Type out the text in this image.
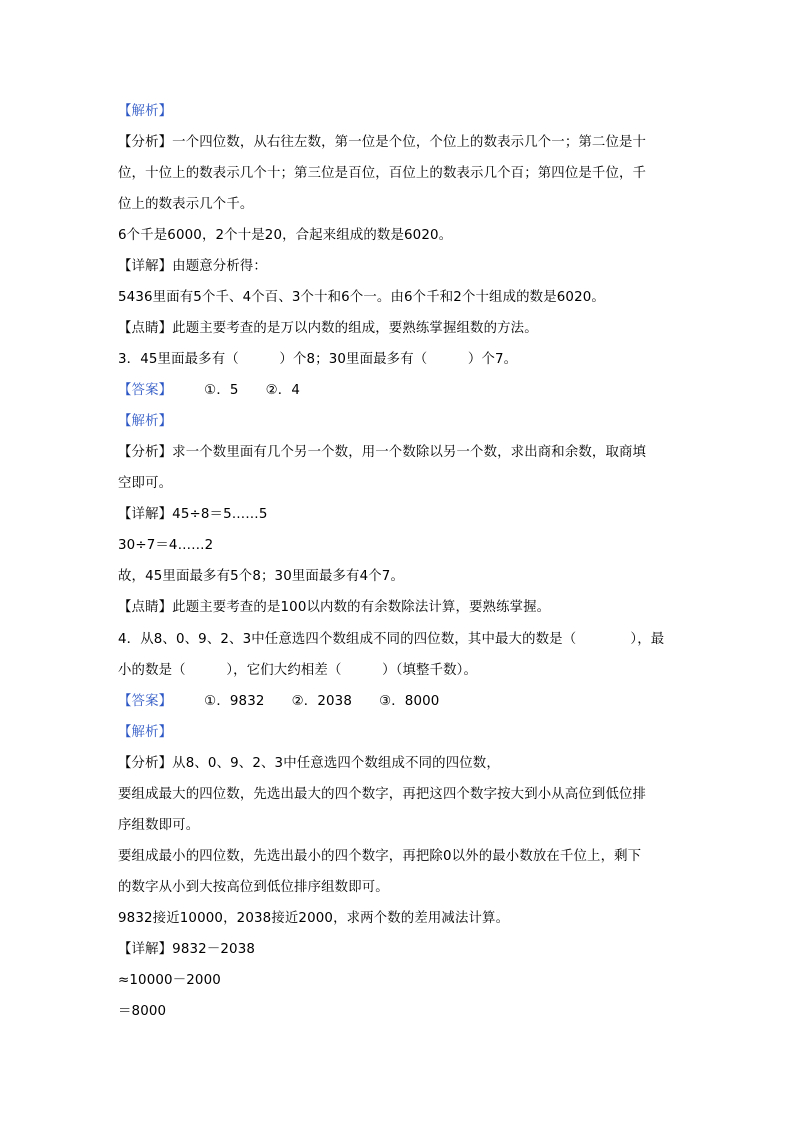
【解析】
【分析】一个四位数，从右往左数，第一位是个位，个位上的数表示几个一；第二位是十
位，十位上的数表示几个十；第三位是百位，百位上的数表示几个百；第四位是千位，千
位上的数表示几个千。
6个千是6000，2个十是20，合起来组成的数是6020。
【详解】由题意分析得：
5436里面有5个千、4个百、3个十和6个一。由6个千和2个十组成的数是6020。
【点睛】此题主要考查的是万以内数的组成，要熟练掌握组数的方法。
3．45里面最多有（　　　）个8；30里面最多有（　　　）个7。
【答案】 ①．5　　②．4
【解析】
【分析】求一个数里面有几个另一个数，用一个数除以另一个数，求出商和余数，取商填
空即可。
【详解】45÷8＝5……5
30÷7＝4……2
故，45里面最多有5个8；30里面最多有4个7。
【点睛】此题主要考查的是100以内数的有余数除法计算，要熟练掌握。
4．从8、0、9、2、3中任意选四个数组成不同的四位数，其中最大的数是（　　　　），最
小的数是（　　　），它们大约相差（　　　）（填整千数）。
【答案】 ①．9832　　②．2038　　③．8000
【解析】
【分析】从8、0、9、2、3中任意选四个数组成不同的四位数，
要组成最大的四位数，先选出最大的四个数字，再把这四个数字按大到小从高位到低位排
序组数即可。
要组成最小的四位数，先选出最小的四个数字，再把除0以外的最小数放在千位上，剩下
的数字从小到大按高位到低位排序组数即可。
9832接近10000，2038接近2000，求两个数的差用减法计算。
【详解】9832－2038
≈10000－2000
＝8000
